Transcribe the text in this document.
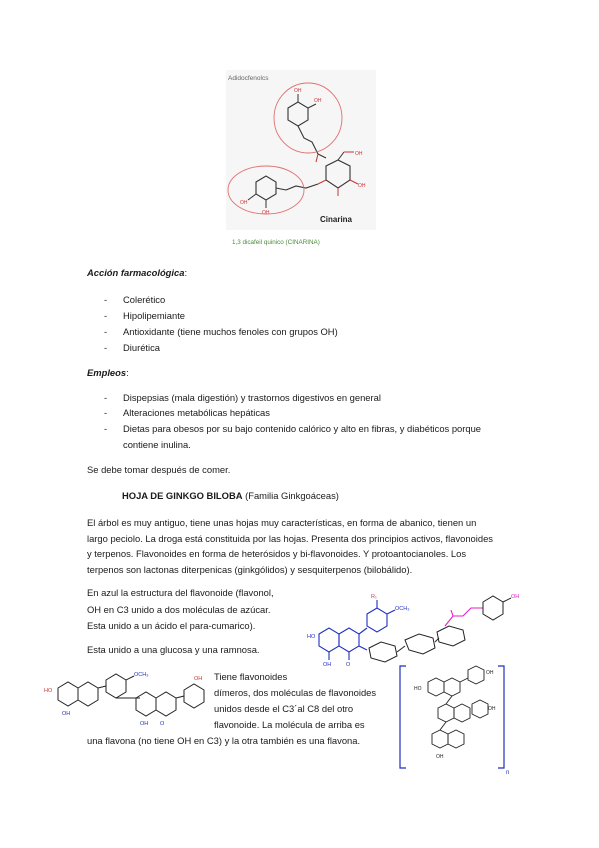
Adidocfenolcs
OH
OH
OH
OH
OH
OH
Cinarina
1,3 dicafeil quinico (CINARINA)
Acción farmacológica:
- Colerético
- Hipolipemiante
- Antioxidante (tiene muchos fenoles con grupos OH)
- Diurética
Empleos:
- Dispepsias (mala digestión) y trastornos digestivos en general
- Alteraciones metabólicas hepáticas
- Dietas para obesos por su bajo contenido calórico y alto en fibras, y diabéticos porque
contiene inulina.
Se debe tomar después de comer.
HOJA DE GINKGO BILOBA (Familia Ginkgoáceas)
El árbol es muy antiguo, tiene unas hojas muy características, en forma de abanico, tienen un
largo peciolo. La droga está constituida por las hojas. Presenta dos principios activos, flavonoides
y terpenos. Flavonoides en forma de heterósidos y bi-flavonoides. Y protoantocianoles. Los
terpenos son lactonas diterpenicas (ginkgólidos) y sesquiterpenos (bilobálido).
En azul la estructura del flavonoide (flavonol,
OH en C3 unido a dos moléculas de azúcar.
Esta unido a un ácido el para-cumarico).
Esta unido a una glucosa y una ramnosa.
Tiene flavonoides
dímeros, dos moléculas de flavonoides
unidos desde el C3´al C8 del otro
flavonoide. La molécula de arriba es
una flavona (no tiene OH en C3) y la otra también es una flavona.
HO
OH	O
R₁
OCH₃
OH
HO
OH
OCH₃
OH O
OH
HO
OH
OH
OH
n
